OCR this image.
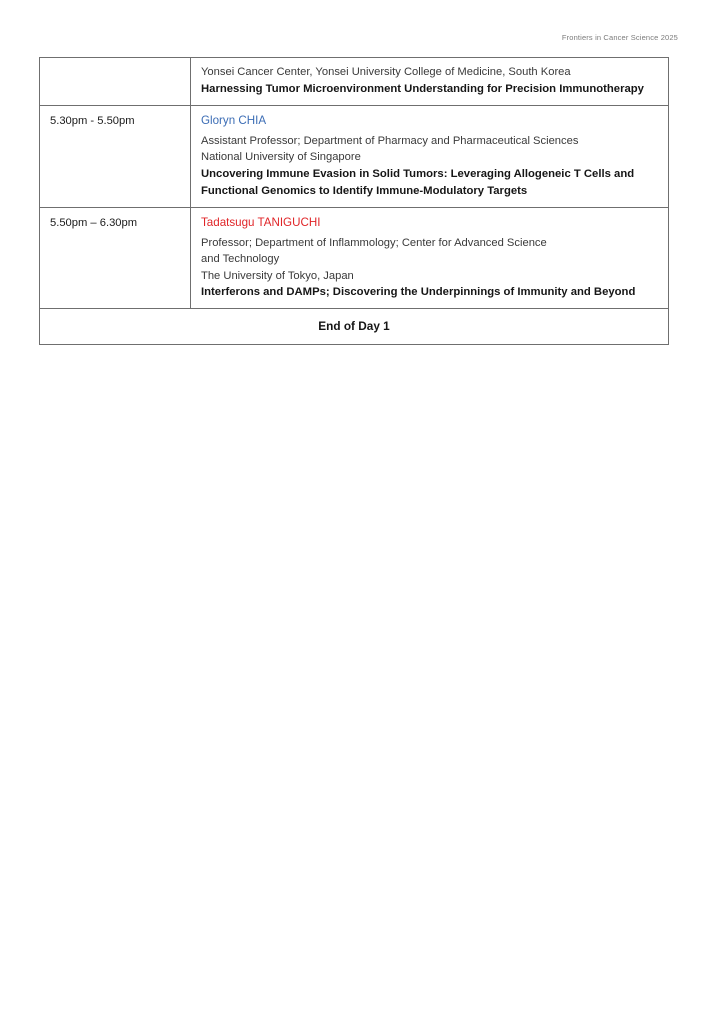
Frontiers in Cancer Science 2025

	Yonsei Cancer Center, Yonsei University College of Medicine, South Korea

Harnessing Tumor Microenvironment Understanding for Precision Immunotherapy

5.30pm - 5.50pm	Gloryn CHIA

Assistant Professor; Department of Pharmacy and Pharmaceutical Sciences

National University of Singapore

Uncovering Immune Evasion in Solid Tumors: Leveraging Allogeneic T Cells and Functional Genomics to Identify Immune-Modulatory Targets

5.50pm – 6.30pm	Tadatsugu TANIGUCHI

Professor; Department of Inflammology; Center for Advanced Science

and Technology

The University of Tokyo, Japan

Interferons and DAMPs; Discovering the Underpinnings of Immunity and Beyond

End of Day 1	
